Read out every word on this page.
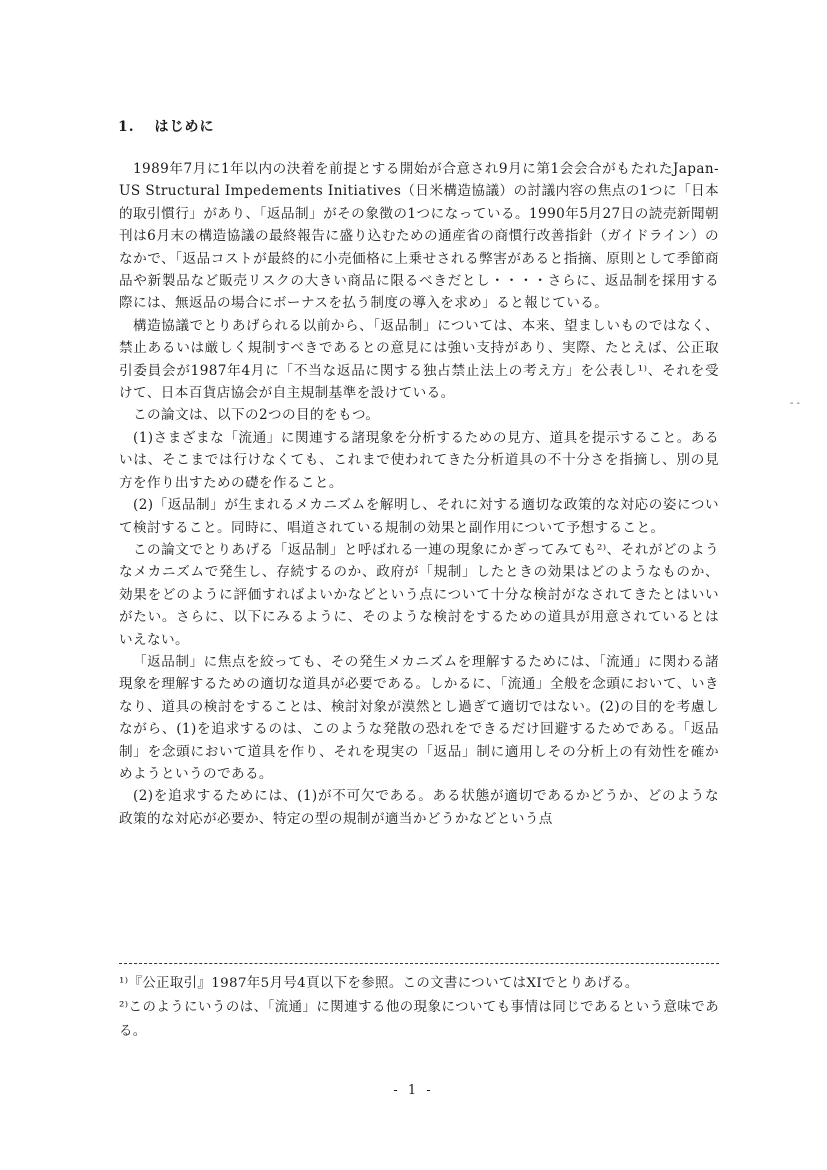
1. はじめに

1989年7月に1年以内の決着を前提とする開始が合意され9月に第1会会合がもたれたJapan-US Structural Impedements Initiatives（日米構造協議）の討議内容の焦点の1つに「日本的取引慣行」があり、「返品制」がその象徴の1つになっている。1990年5月27日の読売新聞朝刊は6月末の構造協議の最終報告に盛り込むための通産省の商慣行改善指針（ガイドライン）のなかで、「返品コストが最終的に小売価格に上乗せされる弊害があると指摘、原則として季節商品や新製品など販売リスクの大きい商品に限るべきだとし・・・・さらに、返品制を採用する際には、無返品の場合にボーナスを払う制度の導入を求め」ると報じている。

構造協議でとりあげられる以前から、「返品制」については、本来、望ましいものではなく、禁止あるいは厳しく規制すべきであるとの意見には強い支持があり、実際、たとえば、公正取引委員会が1987年4月に「不当な返品に関する独占禁止法上の考え方」を公表し¹⁾、それを受けて、日本百貨店協会が自主規制基準を設けている。

この論文は、以下の2つの目的をもつ。

(1)さまざまな「流通」に関連する諸現象を分析するための見方、道具を提示すること。あるいは、そこまでは行けなくても、これまで使われてきた分析道具の不十分さを指摘し、別の見方を作り出すための礎を作ること。

(2)「返品制」が生まれるメカニズムを解明し、それに対する適切な政策的な対応の姿について検討すること。同時に、唱道されている規制の効果と副作用について予想すること。

この論文でとりあげる「返品制」と呼ばれる一連の現象にかぎってみても²⁾、それがどのようなメカニズムで発生し、存続するのか、政府が「規制」したときの効果はどのようなものか、効果をどのように評価すればよいかなどという点について十分な検討がなされてきたとはいいがたい。さらに、以下にみるように、そのような検討をするための道具が用意されているとはいえない。

「返品制」に焦点を絞っても、その発生メカニズムを理解するためには、「流通」に関わる諸現象を理解するための適切な道具が必要である。しかるに、「流通」全般を念頭において、いきなり、道具の検討をすることは、検討対象が漠然とし過ぎて適切ではない。(2)の目的を考慮しながら、(1)を追求するのは、このような発散の恐れをできるだけ回避するためである。「返品制」を念頭において道具を作り、それを現実の「返品」制に適用しその分析上の有効性を確かめようというのである。

(2)を追求するためには、(1)が不可欠である。ある状態が適切であるかどうか、どのような政策的な対応が必要か、特定の型の規制が適当かどうかなどという点

¹⁾『公正取引』1987年5月号4頁以下を参照。この文書についてはXIでとりあげる。

²⁾このようにいうのは、「流通」に関連する他の現象についても事情は同じであるという意味である。

- -
- 1 -
